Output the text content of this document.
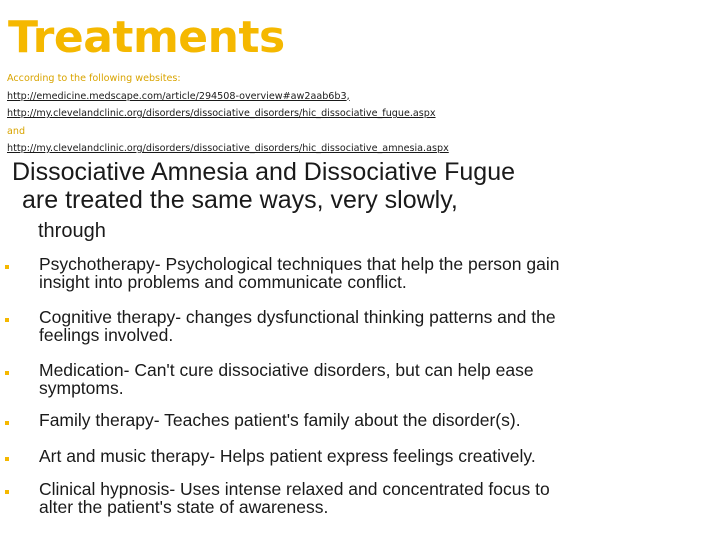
Treatments
According to the following websites:
http://emedicine.medscape.com/article/294508-overview#aw2aab6b3,
http://my.clevelandclinic.org/disorders/dissociative_disorders/hic_dissociative_fugue.aspx
and
http://my.clevelandclinic.org/disorders/dissociative_disorders/hic_dissociative_amnesia.aspx
Dissociative Amnesia and Dissociative Fugue
are treated the same ways, very slowly,
through
Psychotherapy- Psychological techniques that help the person gain
insight into problems and communicate conflict.
Cognitive therapy- changes dysfunctional thinking patterns and the
feelings involved.
Medication- Can't cure dissociative disorders, but can help ease
symptoms.
Family therapy- Teaches patient's family about the disorder(s).
Art and music therapy- Helps patient express feelings creatively.
Clinical hypnosis- Uses intense relaxed and concentrated focus to
alter the patient's state of awareness.
